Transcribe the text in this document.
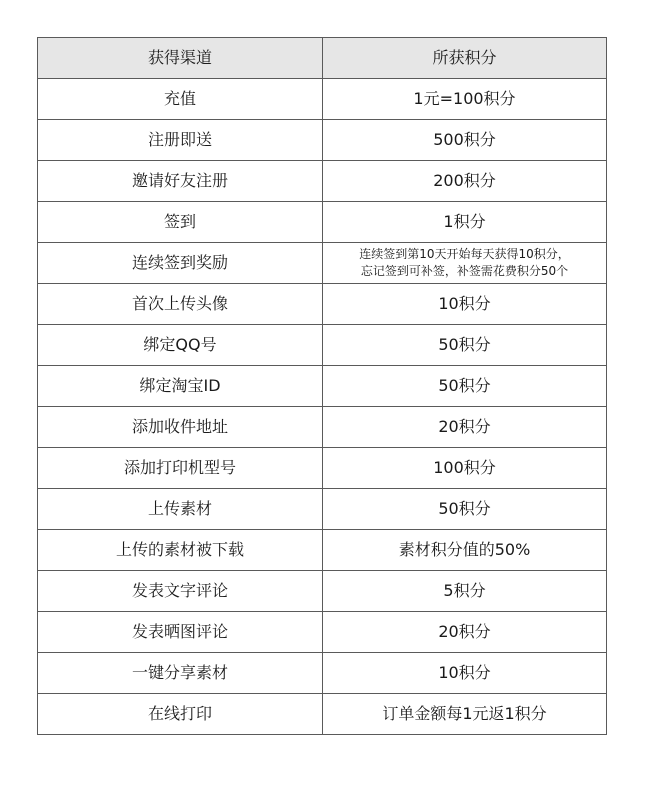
获得渠道	所获积分
充值	1元=100积分
注册即送	500积分
邀请好友注册	200积分
签到	1积分
连续签到奖励	连续签到第10天开始每天获得10积分，
忘记签到可补签，补签需花费积分50个

首次上传头像	10积分
绑定QQ号	50积分
绑定淘宝ID	50积分
添加收件地址	20积分
添加打印机型号	100积分
上传素材	50积分
上传的素材被下载	素材积分值的50%
发表文字评论	5积分
发表晒图评论	20积分
一键分享素材	10积分
在线打印	订单金额每1元返1积分
